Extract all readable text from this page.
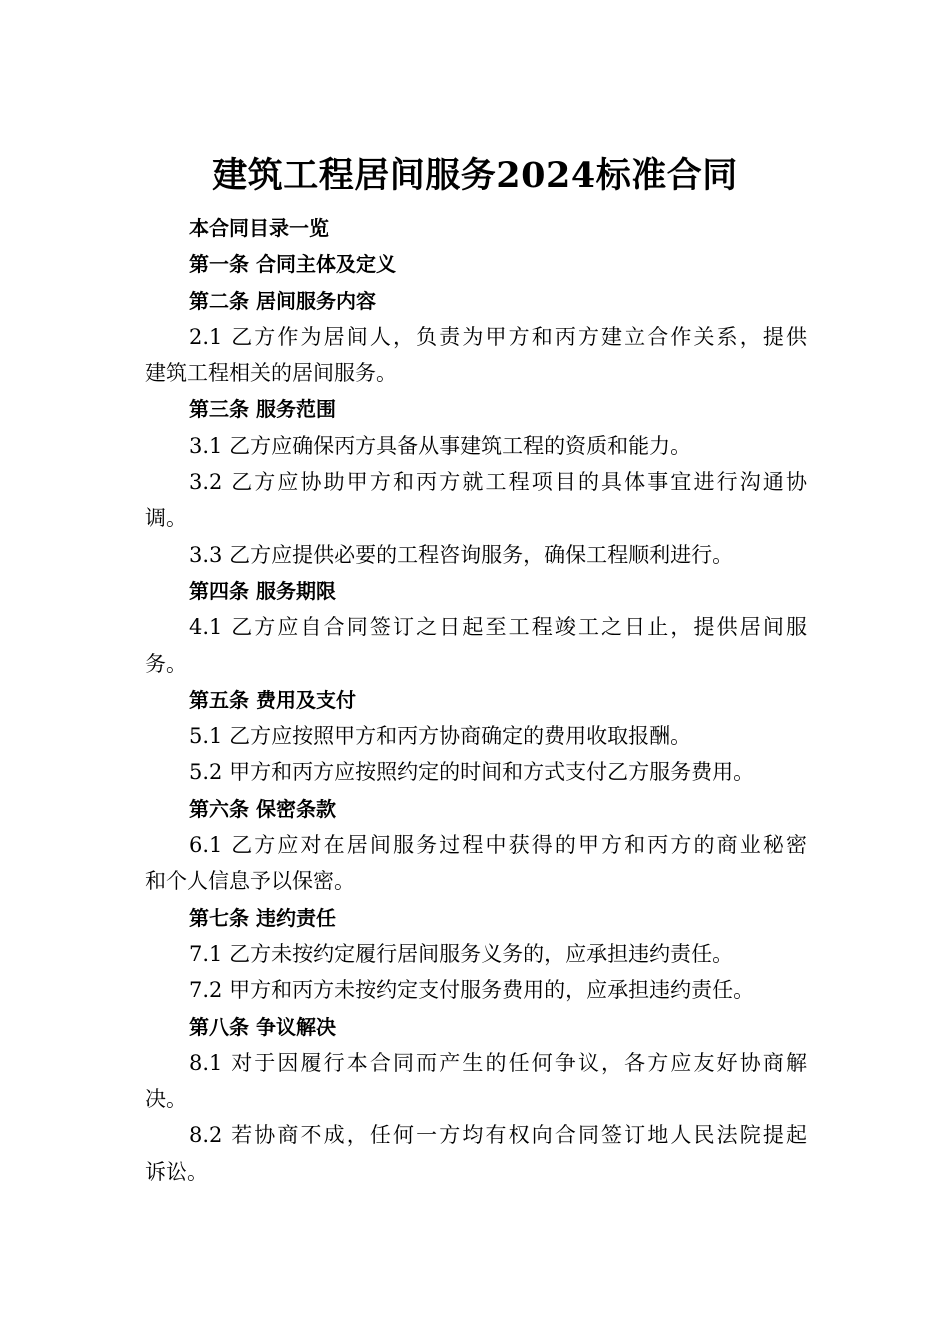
建筑工程居间服务2024标准合同
本合同目录一览
第一条 合同主体及定义
第二条 居间服务内容
2.1 乙方作为居间人，负责为甲方和丙方建立合作关系，提供
建筑工程相关的居间服务。
第三条 服务范围
3.1 乙方应确保丙方具备从事建筑工程的资质和能力。
3.2 乙方应协助甲方和丙方就工程项目的具体事宜进行沟通协
调。
3.3 乙方应提供必要的工程咨询服务，确保工程顺利进行。
第四条 服务期限
4.1 乙方应自合同签订之日起至工程竣工之日止，提供居间服
务。
第五条 费用及支付
5.1 乙方应按照甲方和丙方协商确定的费用收取报酬。
5.2 甲方和丙方应按照约定的时间和方式支付乙方服务费用。
第六条 保密条款
6.1 乙方应对在居间服务过程中获得的甲方和丙方的商业秘密
和个人信息予以保密。
第七条 违约责任
7.1 乙方未按约定履行居间服务义务的，应承担违约责任。
7.2 甲方和丙方未按约定支付服务费用的，应承担违约责任。
第八条 争议解决
8.1 对于因履行本合同而产生的任何争议，各方应友好协商解
决。
8.2 若协商不成，任何一方均有权向合同签订地人民法院提起
诉讼。
